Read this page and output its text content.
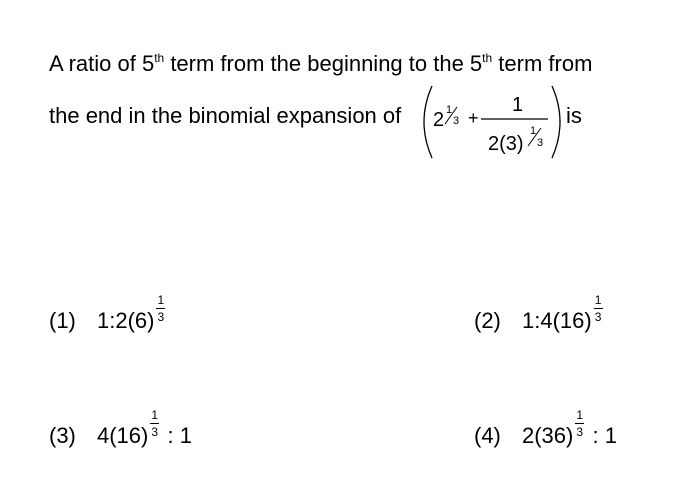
A ratio of 5th term from the beginning to the 5th term from
the end in the binomial expansion of 2 1
3 +
1
2(3)
1
3
is
(1) 1:2(6) $\frac{1}{3}$	(2) 1:4(16) $\frac{1}{3}$
(3) $4(16) \frac{1}{3}$ : 1	(4) $2(36) \frac{1}{3}$ : 1
